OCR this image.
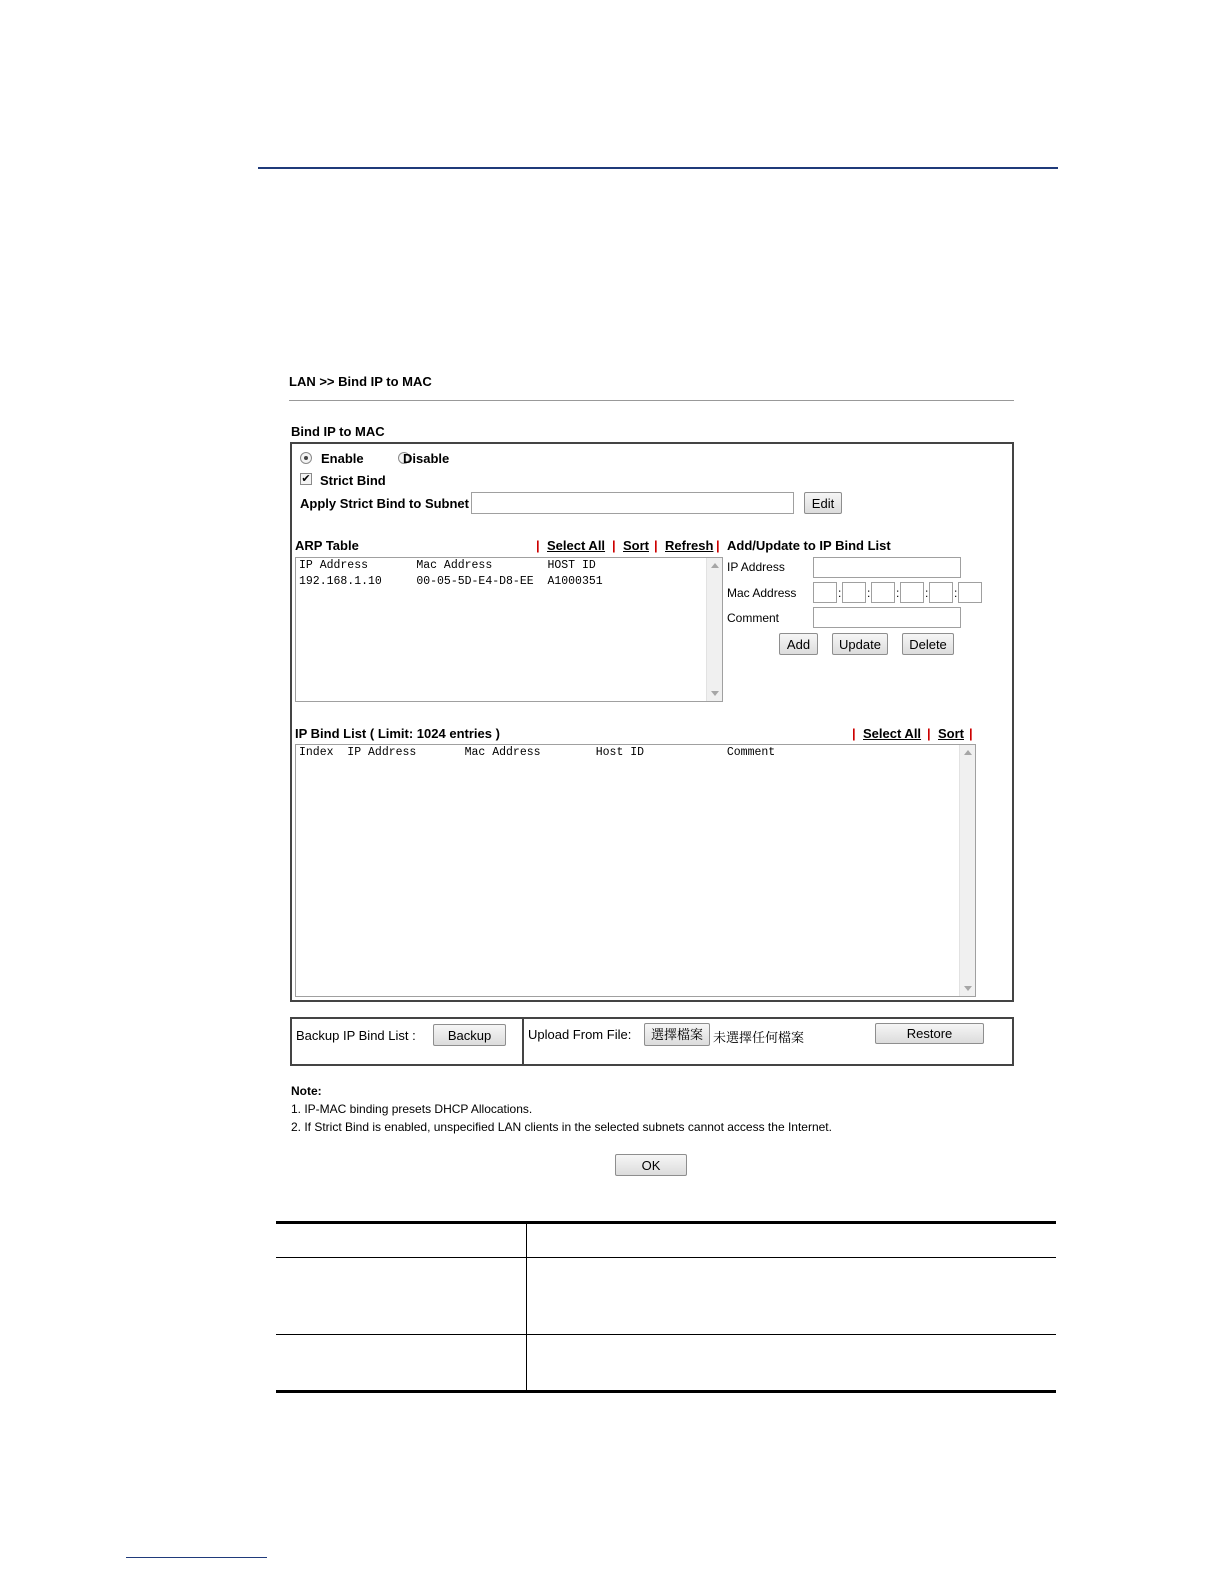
LAN >> Bind IP to MAC
Bind IP to MAC

Enable	Disable
✔ Strict Bind
Apply Strict Bind to Subnet	Edit
ARP Table	| Select All | Sort | Refresh | Add/Update to IP Bind List
IP Address       Mac Address        HOST ID
192.168.1.10     00-05-5D-E4-D8-EE  A1000351
IP Address
Mac Address	: : : : :
Comment
Add	Update	Delete
IP Bind List ( Limit: 1024 entries )	| Select All | Sort |
Index  IP Address       Mac Address        Host ID            Comment
Backup IP Bind List :	Backup	Upload From File:	選擇檔案 未選擇任何檔案	Restore
Note:
1. IP-MAC binding presets DHCP Allocations.
2. If Strict Bind is enabled, unspecified LAN clients in the selected subnets cannot access the Internet.
OK
